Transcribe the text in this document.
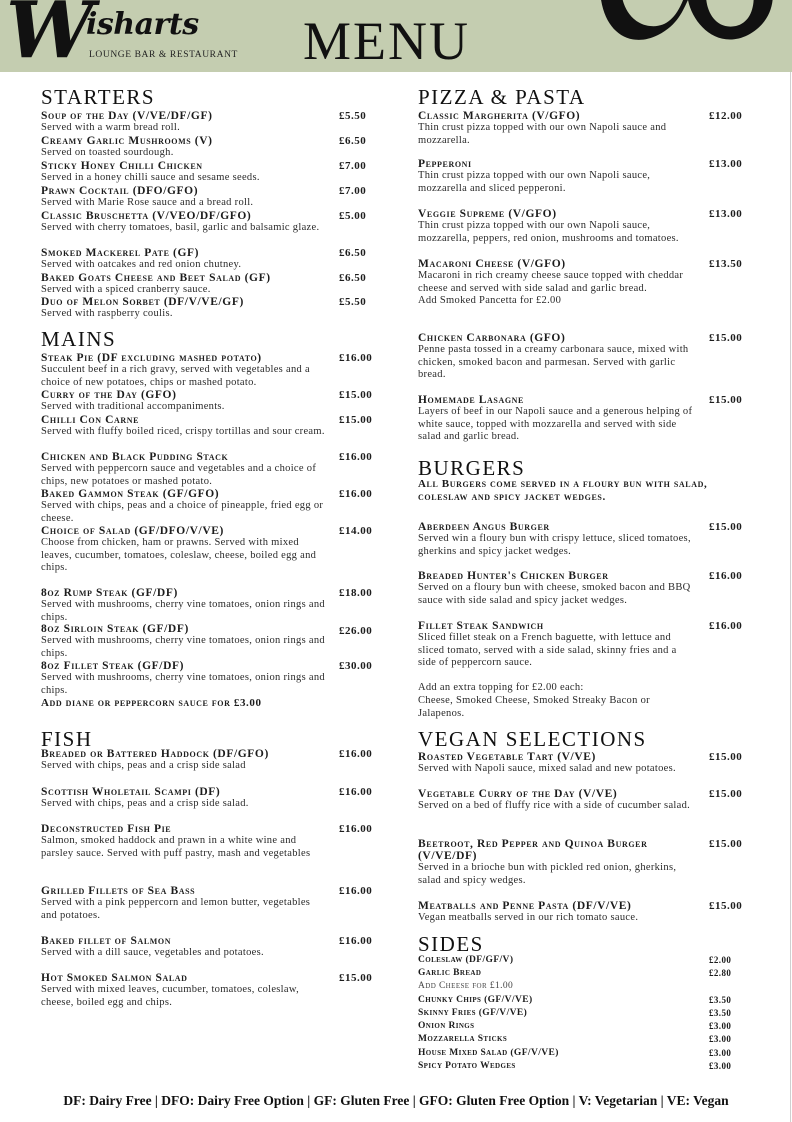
W
isharts
LOUNGE BAR & RESTAURANT MENU
STARTERS
Soup of the Day (V/VE/DF/GF)	£5.50
Served with a warm bread roll.
Creamy Garlic Mushrooms (V)	£6.50
Served on toasted sourdough.
Sticky Honey Chilli Chicken	£7.00
Served in a honey chilli sauce and sesame seeds.
Prawn Cocktail (DFO/GFO)	£7.00
Served with Marie Rose sauce and a bread roll.
Classic Bruschetta (V/VEO/DF/GFO)	£5.00
Served with cherry tomatoes, basil, garlic and balsamic glaze.
Smoked Mackerel Pate (GF)	£6.50
Served with oatcakes and red onion chutney.
Baked Goats Cheese and Beet Salad (GF)	£6.50
Served with a spiced cranberry sauce.
Duo of Melon Sorbet (DF/V/VE/GF)	£5.50
Served with raspberry coulis.
MAINS
Steak Pie (DF excluding mashed potato)	£16.00
Succulent beef in a rich gravy, served with vegetables and a choice of new potatoes, chips or mashed potato.
Curry of the Day (GFO)	£15.00
Served with traditional accompaniments.
Chilli Con Carne	£15.00
Served with fluffy boiled riced, crispy tortillas and sour cream.
Chicken and Black Pudding Stack	£16.00
Served with peppercorn sauce and vegetables and a choice of chips, new potatoes or mashed potato.
Baked Gammon Steak (GF/GFO)	£16.00
Served with chips, peas and a choice of pineapple, fried egg or cheese.
Choice of Salad (GF/DFO/V/VE)	£14.00
Choose from chicken, ham or prawns. Served with mixed leaves, cucumber, tomatoes, coleslaw, cheese, boiled egg and chips.
8oz Rump Steak (GF/DF)	£18.00
Served with mushrooms, cherry vine tomatoes, onion rings and chips.
8oz Sirloin Steak (GF/DF)	£26.00
Served with mushrooms, cherry vine tomatoes, onion rings and chips.
8oz Fillet Steak (GF/DF)	£30.00
Served with mushrooms, cherry vine tomatoes, onion rings and chips.
Add diane or peppercorn sauce for £3.00
FISH
Breaded or Battered Haddock (DF/GFO)	£16.00
Served with chips, peas and a crisp side salad
Scottish Wholetail Scampi (DF)	£16.00
Served with chips, peas and a crisp side salad.
Deconstructed Fish Pie	£16.00
Salmon, smoked haddock and prawn in a white wine and parsley sauce. Served with puff pastry, mash and vegetables
Grilled Fillets of Sea Bass	£16.00
Served with a pink peppercorn and lemon butter, vegetables and potatoes.
Baked fillet of Salmon	£16.00
Served with a dill sauce, vegetables and potatoes.
Hot Smoked Salmon Salad	£15.00
Served with mixed leaves, cucumber, tomatoes, coleslaw, cheese, boiled egg and chips.
PIZZA & PASTA
Classic Margherita (V/GFO)	£12.00
Thin crust pizza topped with our own Napoli sauce and mozzarella.
Pepperoni	£13.00
Thin crust pizza topped with our own Napoli sauce, mozzarella and sliced pepperoni.
Veggie Supreme (V/GFO)	£13.00
Thin crust pizza topped with our own Napoli sauce, mozzarella, peppers, red onion, mushrooms and tomatoes.
Macaroni Cheese (V/GFO)	£13.50
Macaroni in rich creamy cheese sauce topped with cheddar cheese and served with side salad and garlic bread.
Add Smoked Pancetta for £2.00
Chicken Carbonara (GFO)	£15.00
Penne pasta tossed in a creamy carbonara sauce, mixed with chicken, smoked bacon and parmesan. Served with garlic bread.
Homemade Lasagne	£15.00
Layers of beef in our Napoli sauce and a generous helping of white sauce, topped with mozzarella and served with side salad and garlic bread.
BURGERS
All Burgers come served in a floury bun with salad, coleslaw and spicy jacket wedges.
Aberdeen Angus Burger	£15.00
Served win a floury bun with crispy lettuce, sliced tomatoes, gherkins and spicy jacket wedges.
Breaded Hunter's Chicken Burger	£16.00
Served on a floury bun with cheese, smoked bacon and BBQ sauce with side salad and spicy jacket wedges.
Fillet Steak Sandwich	£16.00
Sliced fillet steak on a French baguette, with lettuce and sliced tomato, served with a side salad, skinny fries and a side of peppercorn sauce.
Add an extra topping for £2.00 each:
Cheese, Smoked Cheese, Smoked Streaky Bacon or Jalapenos.
VEGAN SELECTIONS
Roasted Vegetable Tart (V/VE)	£15.00
Served with Napoli sauce, mixed salad and new potatoes.
Vegetable Curry of the Day (V/VE)	£15.00
Served on a bed of fluffy rice with a side of cucumber salad.
Beetroot, Red Pepper and Quinoa Burger
(V/VE/DF)
£15.00
Served in a brioche bun with pickled red onion, gherkins, salad and spicy wedges.
Meatballs and Penne Pasta (DF/V/VE)	£15.00
Vegan meatballs served in our rich tomato sauce.
SIDES
Coleslaw (DF/GF/V)	£2.00
Garlic Bread	£2.80
Add Cheese for £1.00
Chunky Chips (GF/V/VE)	£3.50
Skinny Fries (GF/V/VE)	£3.50
Onion Rings	£3.00
Mozzarella Sticks	£3.00
House Mixed Salad (GF/V/VE)	£3.00
Spicy Potato Wedges	£3.00
DF: Dairy Free | DFO: Dairy Free Option | GF: Gluten Free | GFO: Gluten Free Option | V: Vegetarian | VE: Vegan
